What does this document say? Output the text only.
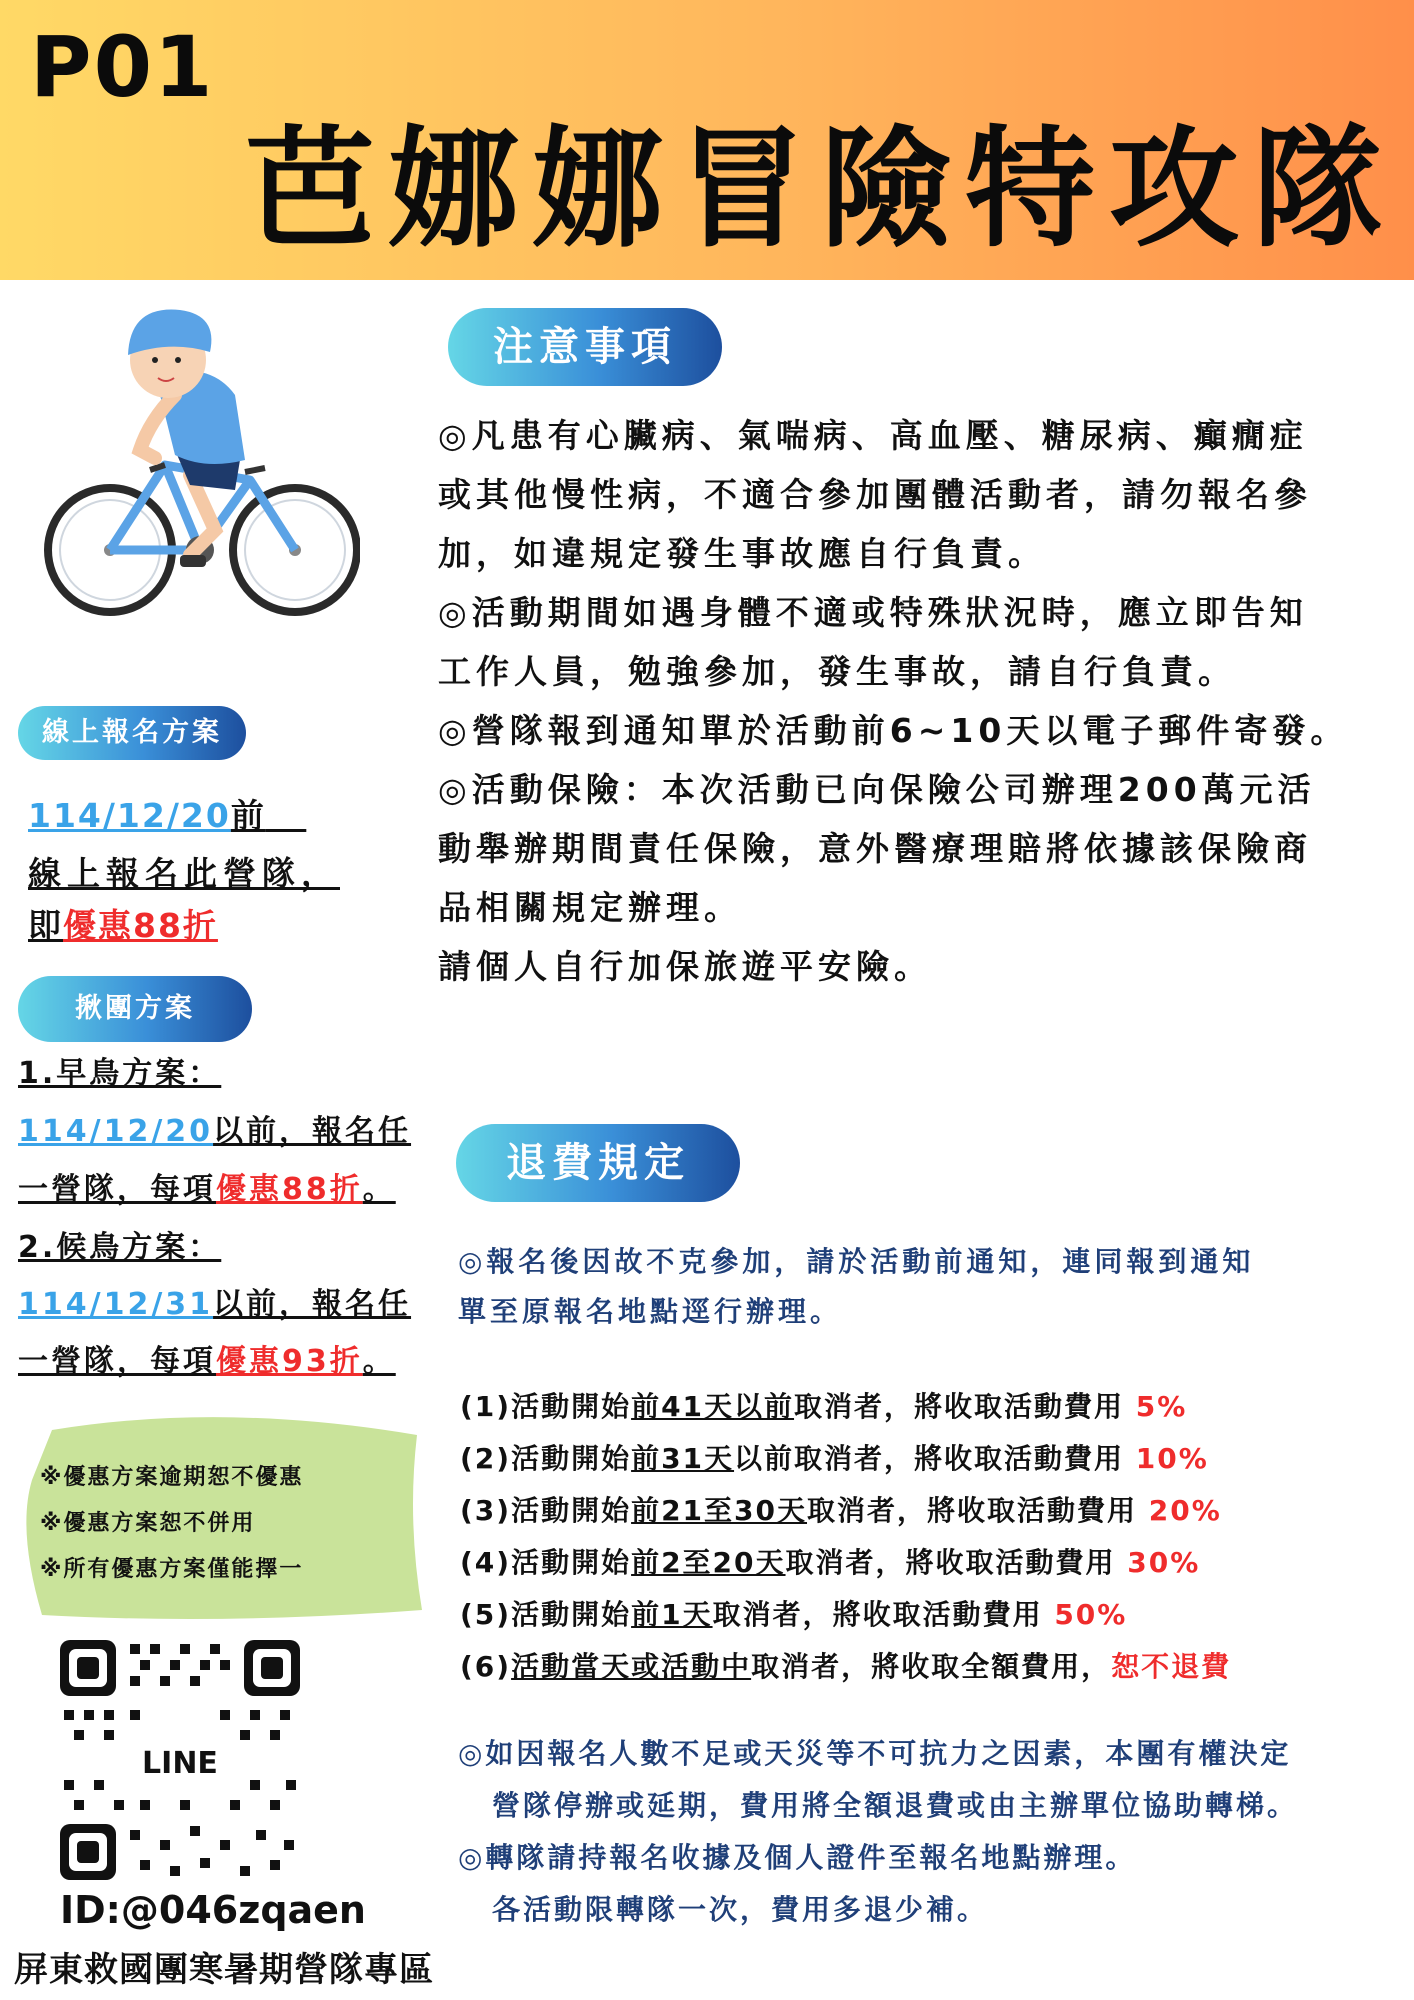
P01
芭娜娜冒險特攻隊
注意事項
◎凡患有心臟病、氣喘病、高血壓、糖尿病、癲癇症
或其他慢性病，不適合參加團體活動者，請勿報名參
加，如違規定發生事故應自行負責。
◎活動期間如遇身體不適或特殊狀況時，應立即告知
工作人員，勉強參加，發生事故，請自行負責。
◎營隊報到通知單於活動前6~10天以電子郵件寄發。
◎活動保險：本次活動已向保險公司辦理200萬元活
動舉辦期間責任保險，意外醫療理賠將依據該保險商
品相關規定辦理。
請個人自行加保旅遊平安險。
線上報名方案
114/12/20前
線上報名此營隊，
即優惠88折
揪團方案
1.早鳥方案：
114/12/20以前，報名任
一營隊，每項優惠88折。
2.候鳥方案：
114/12/31以前，報名任
一營隊，每項優惠93折。
※優惠方案逾期恕不優惠
※優惠方案恕不併用
※所有優惠方案僅能擇一
LINE
ID:@046zqaen
屏東救國團寒暑期營隊專區
退費規定
◎報名後因故不克參加，請於活動前通知，連同報到通知
單至原報名地點逕行辦理。
(1)活動開始前41天以前取消者，將收取活動費用 5%
(2)活動開始前31天以前取消者，將收取活動費用 10%
(3)活動開始前21至30天取消者，將收取活動費用 20%
(4)活動開始前2至20天取消者，將收取活動費用 30%
(5)活動開始前1天取消者，將收取活動費用 50%
(6)活動當天或活動中取消者，將收取全額費用，恕不退費
◎如因報名人數不足或天災等不可抗力之因素，本團有權決定
營隊停辦或延期，費用將全額退費或由主辦單位協助轉梯。
◎轉隊請持報名收據及個人證件至報名地點辦理。
各活動限轉隊一次，費用多退少補。
